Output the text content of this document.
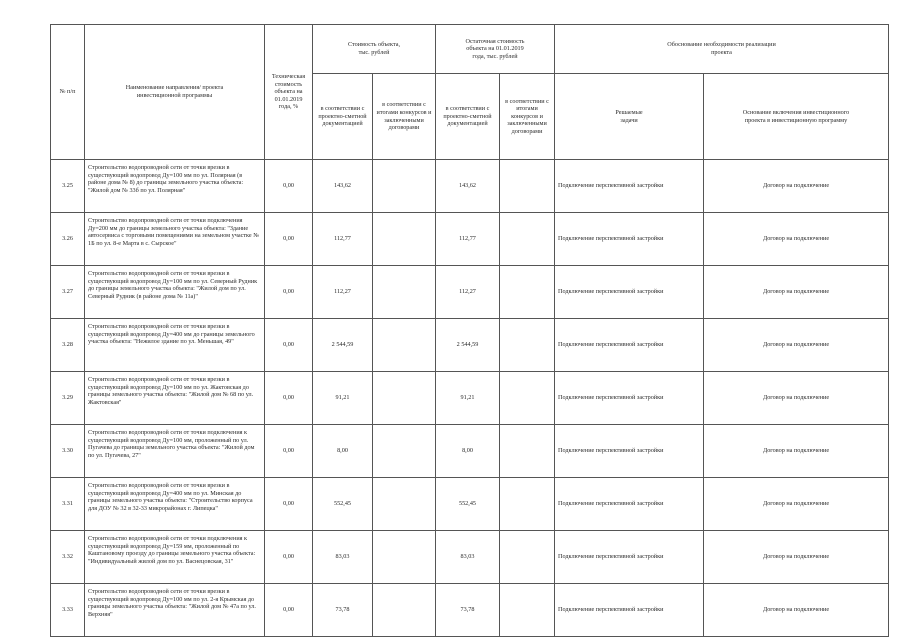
№ п/п	Наименование направления/ проекта инвестиционной программы	Техническая стоимость объекта на 01.01.2019 года, %	Стоимость объекта, тыс. рублей		Остаточная стоимость объекта на 01.01.2019 года, тыс. рублей		Обоснование необходимости реализации проекта	
			в соответствии с проектно-сметной документацией	в соответствии с итогами конкурсов и заключенными договорами	в соответствии с проектно-сметной документацией	в соответствии с итогами конкурсов и заключенными договорами	Решаемые задачи	Основание включения инвестиционного проекта в инвестиционную программу
3.25	Строительство водопроводной сети от точки врезки в существующий водопровод Ду=100 мм по ул. Полярная (в районе дома № 8) до границы земельного участка объекта: "Жилой дом № 33б по ул. Полярная"	0,00	143,62		143,62		Подключение перспективной застройки	Договор на подключение
3.26	Строительство водопроводной сети от точки подключения Ду=200 мм до границы земельного участка объекта: "Здание автосервиса с торговыми помещениями на земельном участке № 1Б по ул. 8-е Марта в с. Сырское"	0,00	112,77		112,77		Подключение перспективной застройки	Договор на подключение
3.27	Строительство водопроводной сети от точки врезки в существующий водопровод Ду=100 мм по ул. Северный Рудник до границы земельного участка объекта: "Жилой дом по ул. Северный Рудник (в районе дома № 11а)"	0,00	112,27		112,27		Подключение перспективной застройки	Договор на подключение
3.28	Строительство водопроводной сети от точки врезки в существующий водопровод Ду=400 мм до границы земельного участка объекта: "Нежилое здание по ул. Меньшая, 49"	0,00	2 544,59		2 544,59		Подключение перспективной застройки	Договор на подключение
3.29	Строительство водопроводной сети от точки врезки в существующий водопровод Ду=100 мм по ул. Жактовская до границы земельного участка объекта: "Жилой дом № 68 по ул. Жактовская"	0,00	91,21		91,21		Подключение перспективной застройки	Договор на подключение
3.30	Строительство водопроводной сети от точки подключения к существующий водопровод Ду=100 мм, проложенный по ул. Пугачева до границы земельного участка объекта: "Жилой дом по ул. Пугачева, 27"	0,00	8,00		8,00		Подключение перспективной застройки	Договор на подключение
3.31	Строительство водопроводной сети от точки врезки в существующий водопровод Ду=400 мм по ул. Минская до границы земельного участка объекта: "Строительство корпуса для ДОУ № 32 в 32-33 микрорайонах г. Липецка"	0,00	552,45		552,45		Подключение перспективной застройки	Договор на подключение
3.32	Строительство водопроводной сети от точки подключения к существующий водопровод Ду=159 мм, проложенный по Каштановому проезду до границы земельного участка объекта: "Индивидуальный жилой дом по ул. Васнецовская, 31"	0,00	83,03		83,03		Подключение перспективной застройки	Договор на подключение
3.33	Строительство водопроводной сети от точки врезки в существующий водопровод Ду=100 мм по ул. 2-я Крымская до границы земельного участка объекта: "Жилой дом № 47а по ул. Верхняя"	0,00	73,78		73,78		Подключение перспективной застройки	Договор на подключение
